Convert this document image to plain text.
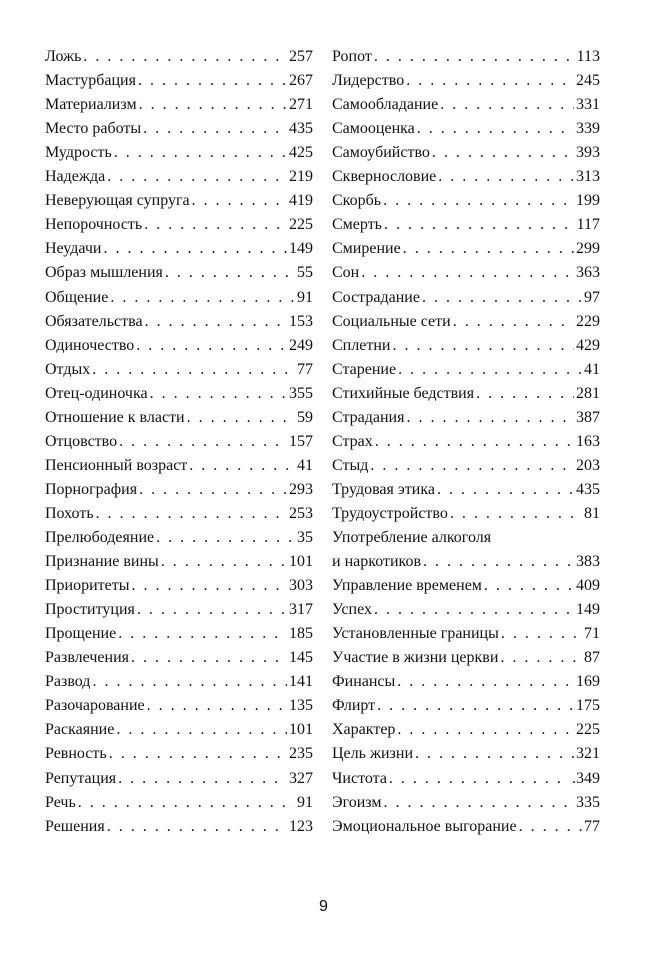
Ложь . . .	257
Мастурбация . . .	267
Материализм . . .	271
Место работы . . .	435
Мудрость . . .	425
Надежда . . .	219
Неверующая супруга . . .	419
Непорочность . . .	225
Неудачи . . .	149
Образ мышления . . .	55
Общение . . .	91
Обязательства . . .	153
Одиночество . . .	249
Отдых . . .	77
Отец-одиночка . . .	355
Отношение к власти . . .	59
Отцовство . . .	157
Пенсионный возраст . . .	41
Порнография . . .	293
Похоть . . .	253
Прелюбодеяние . . .	35
Признание вины . . .	101
Приоритеты . . .	303
Проституция . . .	317
Прощение . . .	185
Развлечения . . .	145
Развод . . .	141
Разочарование . . .	135
Раскаяние . . .	101
Ревность . . .	235
Репутация . . .	327
Речь . . .	91
Решения . . .	123
Ропот . . .	113
Лидерство . . .	245
Самообладание . . .	331
Самооценка . . .	339
Самоубийство . . .	393
Сквернословие . . .	313
Скорбь . . .	199
Смерть . . .	117
Смирение . . .	299
Сон . . .	363
Сострадание . . .	97
Социальные сети . . .	229
Сплетни . . .	429
Старение . . .	41
Стихийные бедствия . . .	281
Страдания . . .	387
Страх . . .	163
Стыд . . .	203
Трудовая этика . . .	435
Трудоустройство . . .	81
Употребление алкоголя
и наркотиков . . .	383
Управление временем . . .	409
Успех . . .	149
Установленные границы . . .	71
Участие в жизни церкви . . .	87
Финансы . . .	169
Флирт . . .	175
Характер . . .	225
Цель жизни . . .	321
Чистота . . .	.349
Эгоизм . . .	335
Эмоциональное выгорание . . .	77
9
